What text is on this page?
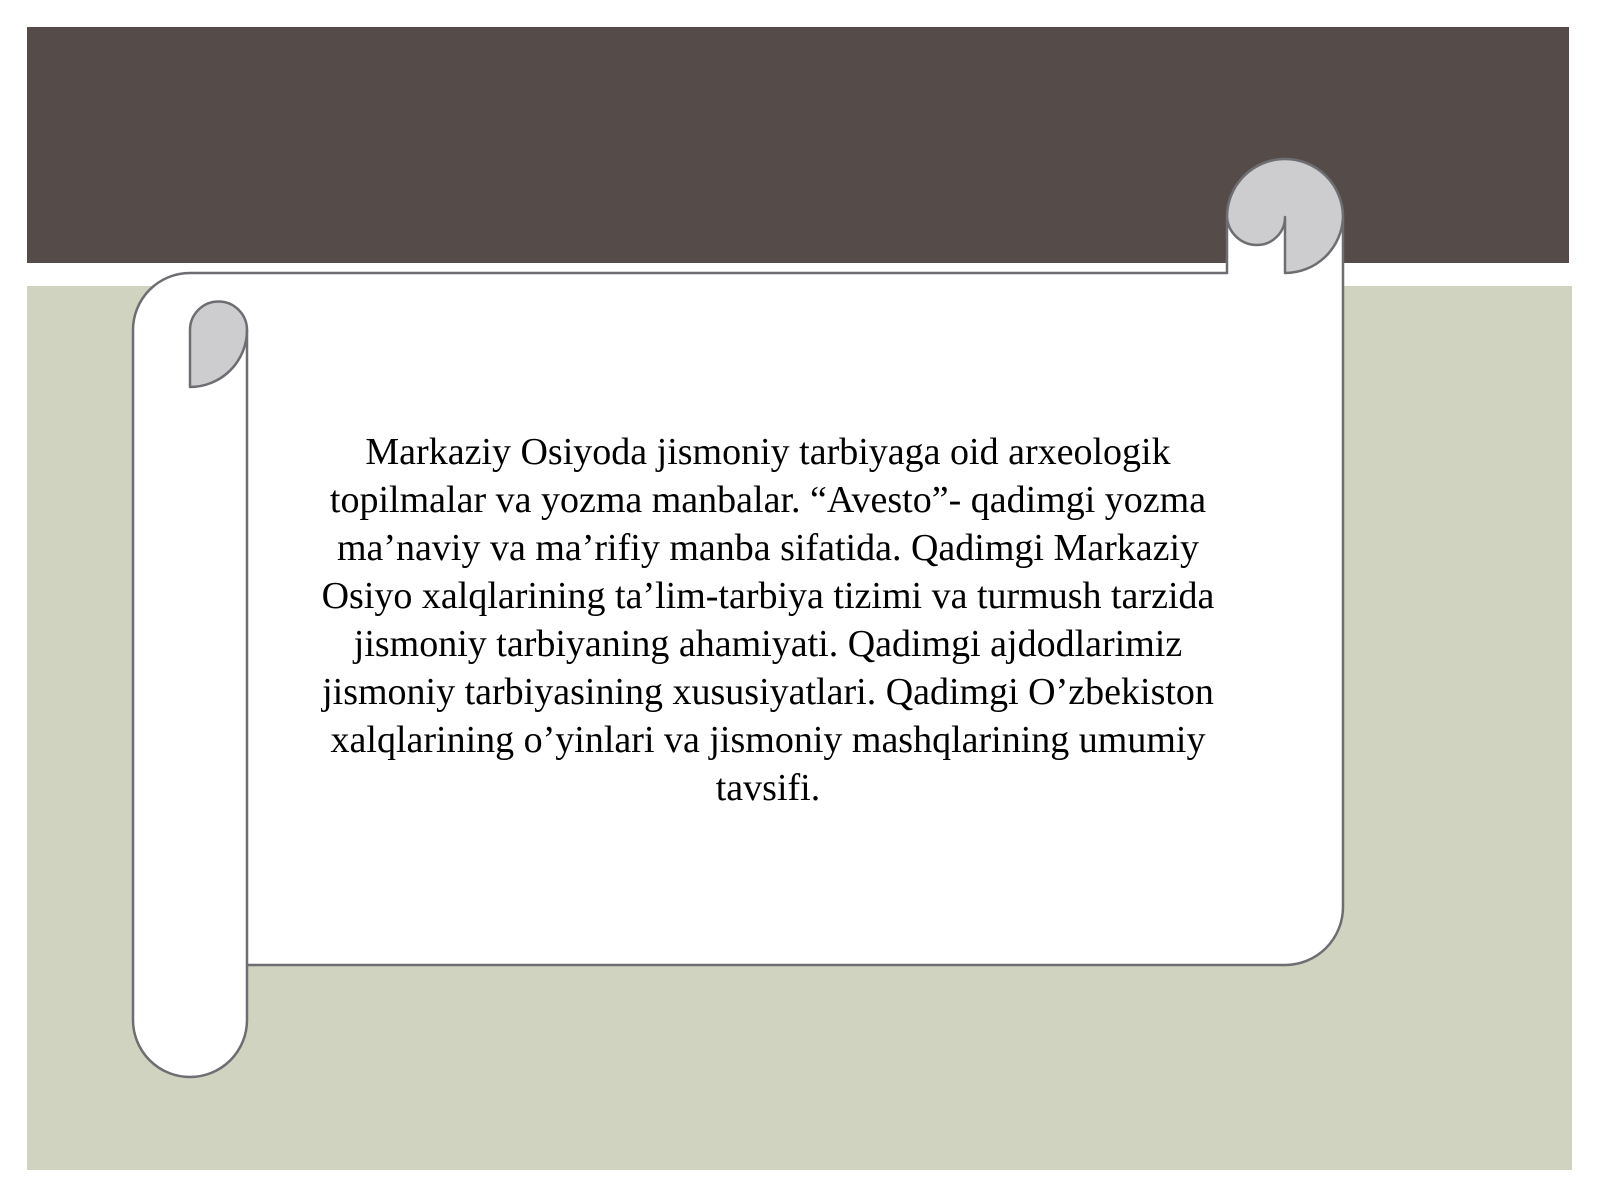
Markaziy Osiyoda jismoniy tarbiyaga oid arxeologik topilmalar va yozma manbalar. “Avesto”- qadimgi yozma ma’naviy va ma’rifiy manba sifatida. Qadimgi Markaziy Osiyo xalqlarining ta’lim-tarbiya tizimi va turmush tarzida jismoniy tarbiyaning ahamiyati. Qadimgi ajdodlarimiz jismoniy tarbiyasining xususiyatlari. Qadimgi O’zbekiston xalqlarining o’yinlari va jismoniy mashqlarining umumiy tavsifi.
